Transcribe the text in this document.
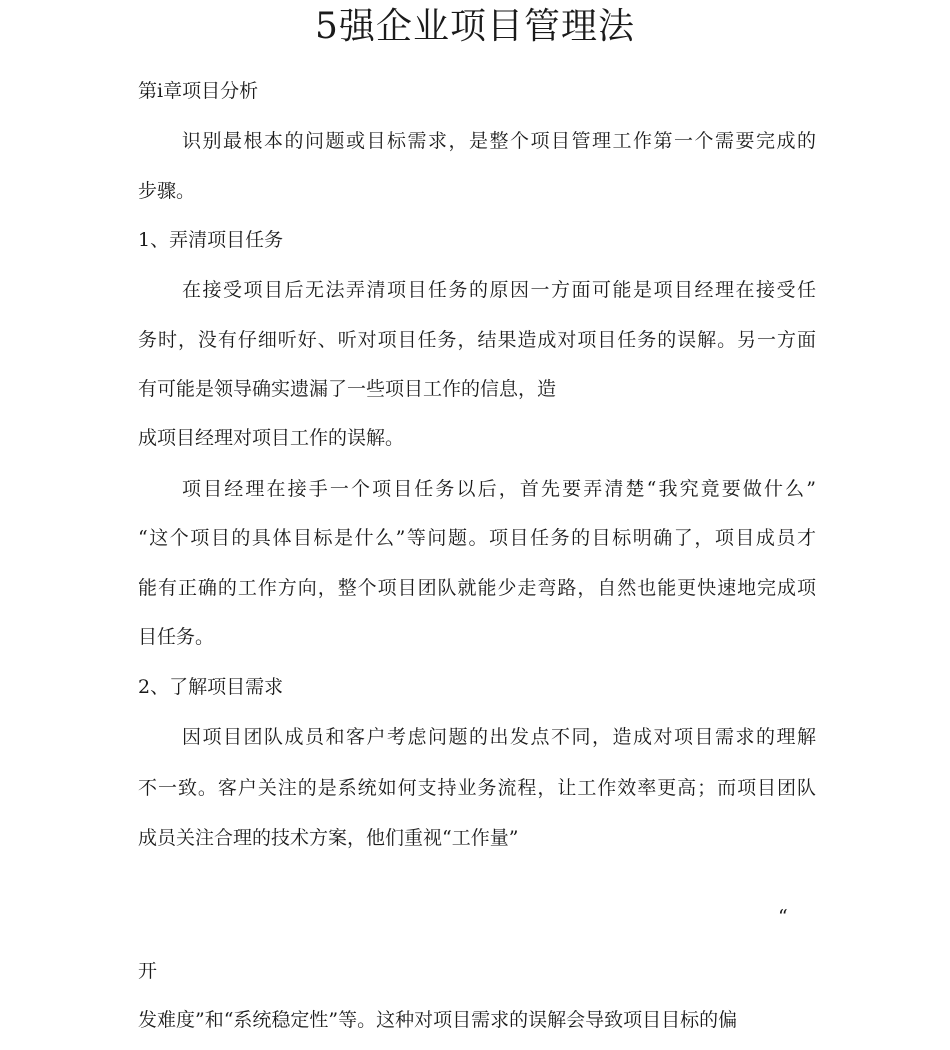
5强企业项目管理法
第i章项目分析
识别最根本的问题或目标需求，是整个项目管理工作第一个需要完成的
步骤。
1、弄清项目任务
在接受项目后无法弄清项目任务的原因一方面可能是项目经理在接受任
务时，没有仔细听好、听对项目任务，结果造成对项目任务的误解。另一方面
有可能是领导确实遗漏了一些项目工作的信息，造
成项目经理对项目工作的误解。
项目经理在接手一个项目任务以后，首先要弄清楚“我究竟要做什么”
“这个项目的具体目标是什么”等问题。项目任务的目标明确了，项目成员才
能有正确的工作方向，整个项目团队就能少走弯路，自然也能更快速地完成项
目任务。
2、了解项目需求
因项目团队成员和客户考虑问题的出发点不同，造成对项目需求的理解
不一致。客户关注的是系统如何支持业务流程，让工作效率更高；而项目团队
成员关注合理的技术方案，他们重视“工作量”
“
开
发难度”和“系统稳定性”等。这种对项目需求的误解会导致项目目标的偏
